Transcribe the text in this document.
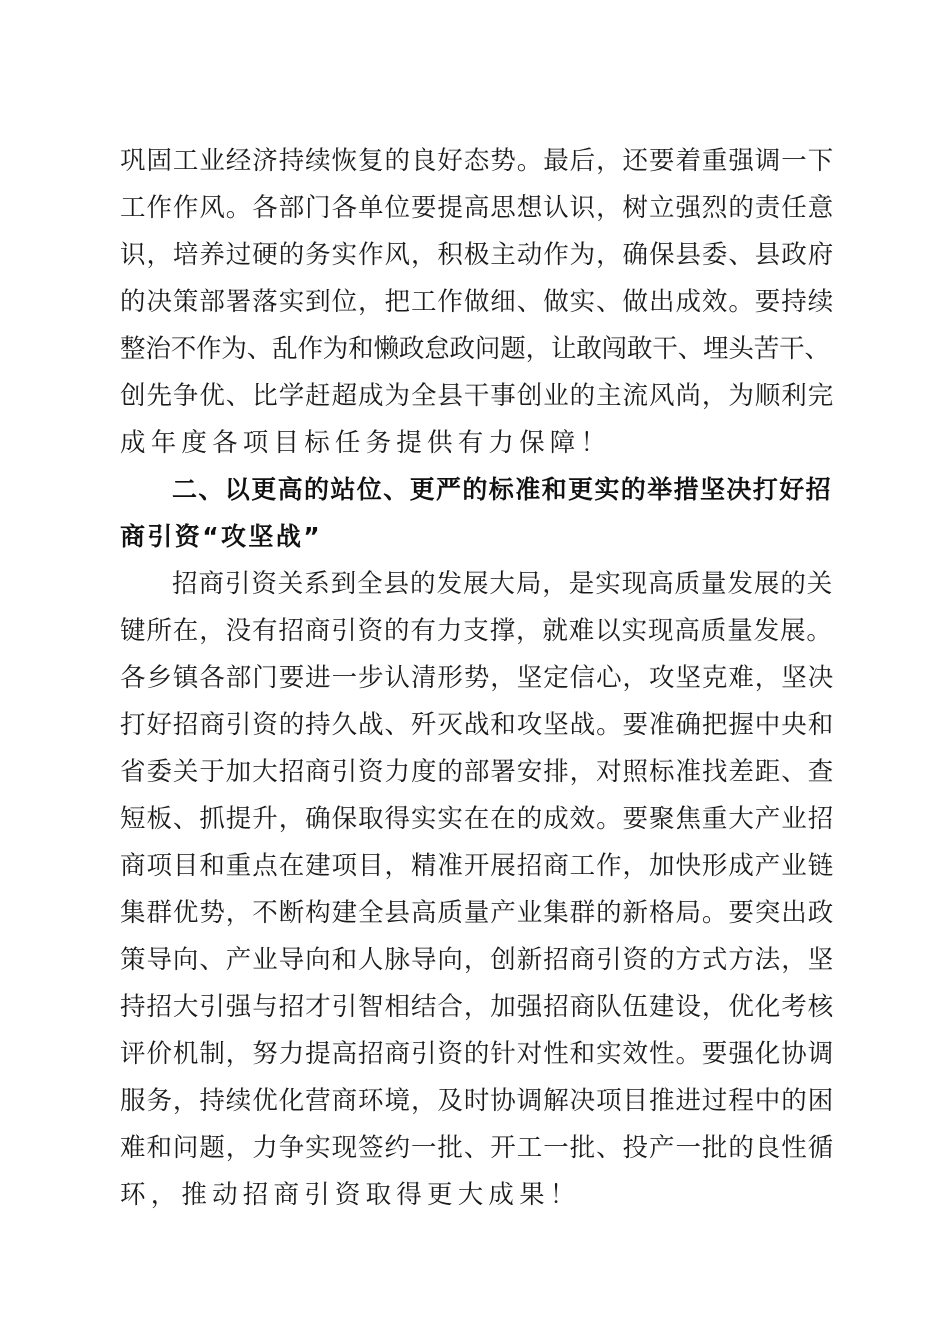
巩固工业经济持续恢复的良好态势。最后，还要着重强调一下
工作作风。各部门各单位要提高思想认识，树立强烈的责任意
识，培养过硬的务实作风，积极主动作为，确保县委、县政府
的决策部署落实到位，把工作做细、做实、做出成效。要持续
整治不作为、乱作为和懒政怠政问题，让敢闯敢干、埋头苦干、
创先争优、比学赶超成为全县干事创业的主流风尚，为顺利完
成年度各项目标任务提供有力保障！
二、以更高的站位、更严的标准和更实的举措坚决打好招
商引资“攻坚战”
招商引资关系到全县的发展大局，是实现高质量发展的关
键所在，没有招商引资的有力支撑，就难以实现高质量发展。
各乡镇各部门要进一步认清形势，坚定信心，攻坚克难，坚决
打好招商引资的持久战、歼灭战和攻坚战。要准确把握中央和
省委关于加大招商引资力度的部署安排，对照标准找差距、查
短板、抓提升，确保取得实实在在的成效。要聚焦重大产业招
商项目和重点在建项目，精准开展招商工作，加快形成产业链
集群优势，不断构建全县高质量产业集群的新格局。要突出政
策导向、产业导向和人脉导向，创新招商引资的方式方法，坚
持招大引强与招才引智相结合，加强招商队伍建设，优化考核
评价机制，努力提高招商引资的针对性和实效性。要强化协调
服务，持续优化营商环境，及时协调解决项目推进过程中的困
难和问题，力争实现签约一批、开工一批、投产一批的良性循
环，推动招商引资取得更大成果！
